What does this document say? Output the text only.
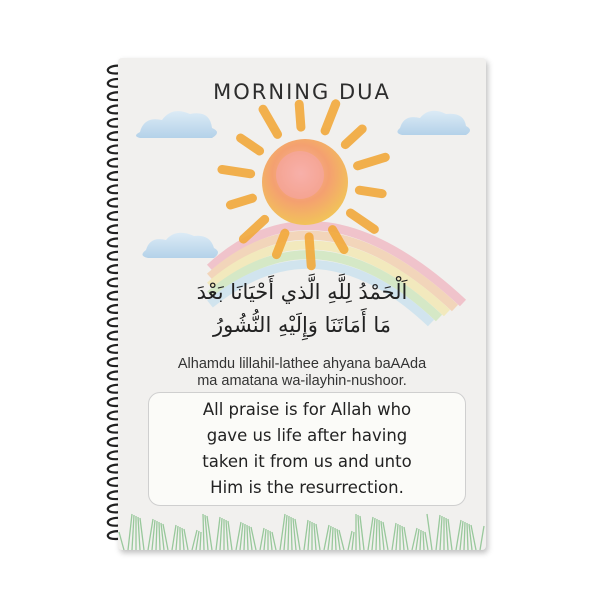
MORNING DUA
اَلْحَمْدُ لِلَّهِ الَّذي أَحْيَانَا بَعْدَ
مَا أَمَاتَنَا وَإِلَيْهِ النُّشُورُ
Alhamdu lillahil-lathee ahyana baAAda
ma amatana wa-ilayhin-nushoor.
All praise is for Allah who
gave us life after having
taken it from us and unto
Him is the resurrection.
